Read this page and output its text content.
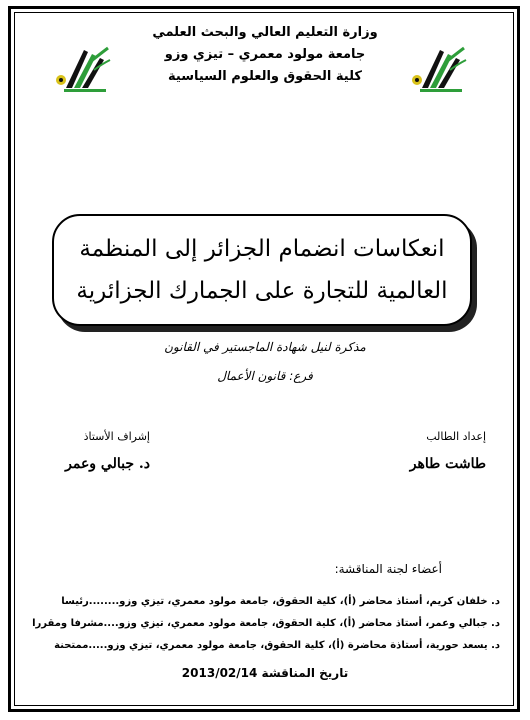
وزارة التعليم العالي والبحث العلمي
جامعة مولود معمري – تيزي وزو
كلية الحقوق والعلوم السياسية
انعكاسات انضمام الجزائر إلى المنظمة
العالمية للتجارة على الجمارك الجزائرية
مذكرة لنيل شهادة الماجستير في القانون
فرع: قانون الأعمال
إعداد الطالب
طاشت طاهر
إشراف الأستاذ
د. جبالي وعمر
أعضاء لجنة المناقشة:
د. خلفان كريم، أستاذ محاضر (أ)، كلية الحقوق، جامعة مولود معمري، تيزي وزو........رئيسا
د. جبالي وعمر، أستاذ محاضر (أ)، كلية الحقوق، جامعة مولود معمري، تيزي وزو....مشرفا ومقررا
د. يسعد حورية، أستاذة محاضرة (أ)، كلية الحقوق، جامعة مولود معمري، تيزي وزو.....ممتحنة
تاريخ المناقشة 2013/02/14
